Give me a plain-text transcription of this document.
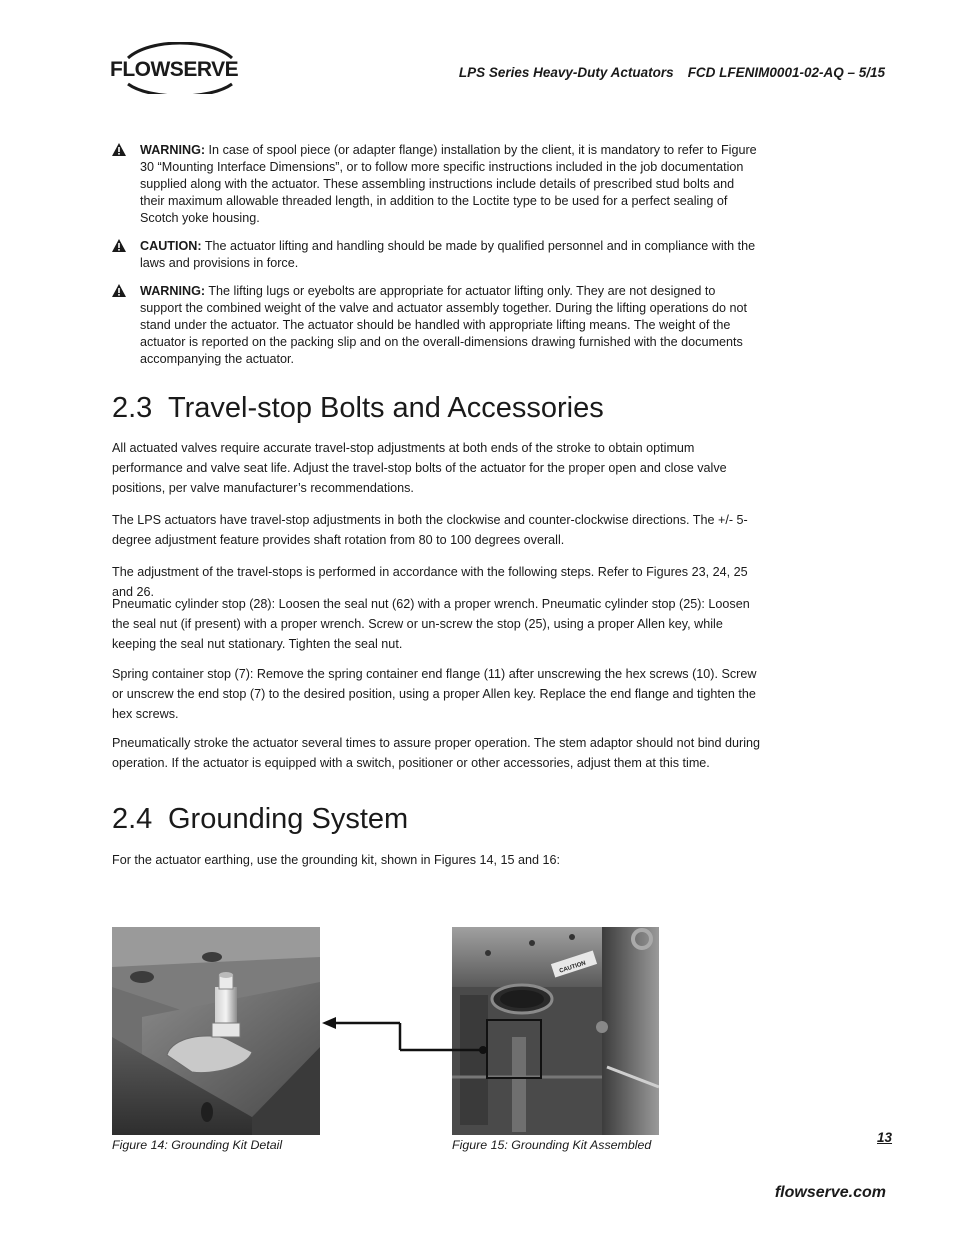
FLOWSERVE	LPS Series Heavy-Duty Actuators FCD LFENIM0001-02-AQ – 5/15
WARNING: In case of spool piece (or adapter flange) installation by the client, it is mandatory to refer to Figure 30 “Mounting Interface Dimensions”, or to follow more specific instructions included in the job documentation supplied along with the actuator. These assembling instructions include details of prescribed stud bolts and their maximum allowable threaded length, in addition to the Loctite type to be used for a perfect sealing of Scotch yoke housing.
CAUTION: The actuator lifting and handling should be made by qualified personnel and in compliance with the laws and provisions in force.
WARNING: The lifting lugs or eyebolts are appropriate for actuator lifting only. They are not designed to support the combined weight of the valve and actuator assembly together. During the lifting operations do not stand under the actuator. The actuator should be handled with appropriate lifting means. The weight of the actuator is reported on the packing slip and on the overall-dimensions drawing furnished with the documents accompanying the actuator.
2.3 Travel-stop Bolts and Accessories

All actuated valves require accurate travel-stop adjustments at both ends of the stroke to obtain optimum performance and valve seat life. Adjust the travel-stop bolts of the actuator for the proper open and close valve positions, per valve manufacturer’s recommendations.

The LPS actuators have travel-stop adjustments in both the clockwise and counter-clockwise directions. The +/- 5-degree adjustment feature provides shaft rotation from 80 to 100 degrees overall.

The adjustment of the travel-stops is performed in accordance with the following steps. Refer to Figures 23, 24, 25 and 26.

Pneumatic cylinder stop (28): Loosen the seal nut (62) with a proper wrench. Pneumatic cylinder stop (25): Loosen the seal nut (if present) with a proper wrench. Screw or un-screw the stop (25), using a proper Allen key, while keeping the seal nut stationary. Tighten the seal nut.

Spring container stop (7): Remove the spring container end flange (11) after unscrewing the hex screws (10). Screw or unscrew the end stop (7) to the desired position, using a proper Allen key. Replace the end flange and tighten the hex screws.

Pneumatically stroke the actuator several times to assure proper operation. The stem adaptor should not bind during operation. If the actuator is equipped with a switch, positioner or other accessories, adjust them at this time.

2.4 Grounding System

For the actuator earthing, use the grounding kit, shown in Figures 14, 15 and 16:

CAUTION
Figure 14: Grounding Kit Detail	Figure 15: Grounding Kit Assembled	13
flowserve.com
